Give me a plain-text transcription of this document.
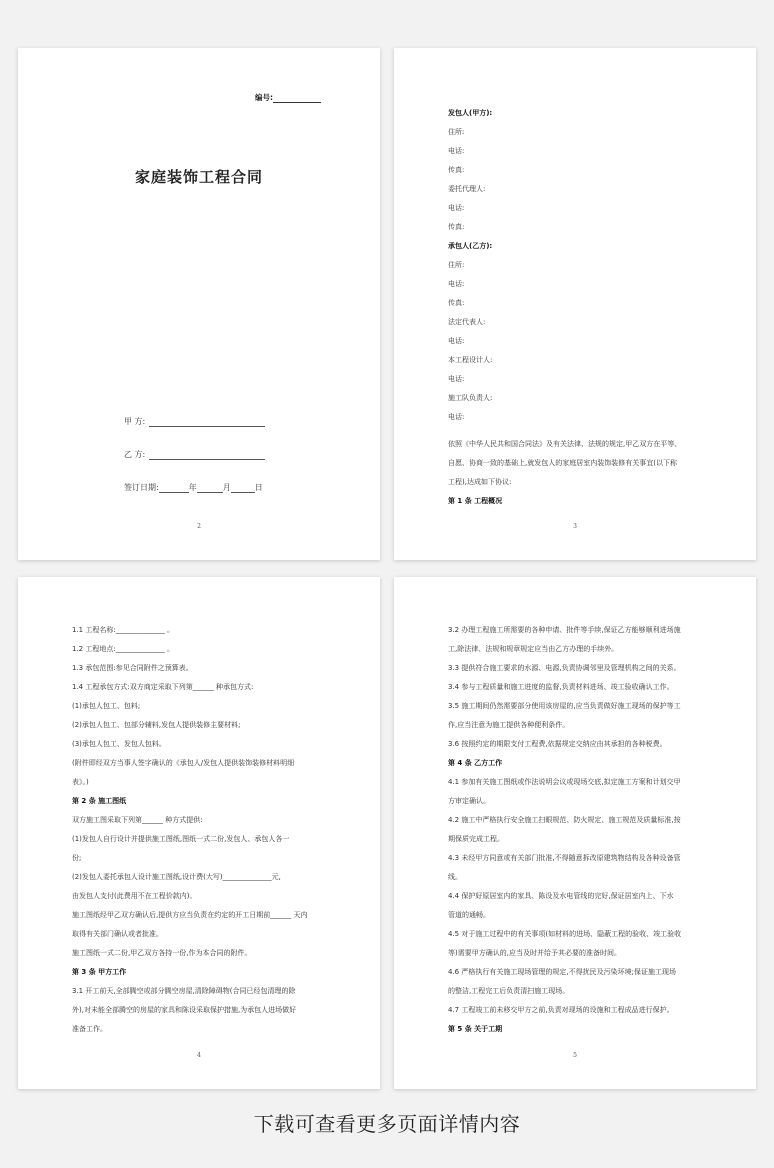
编号:
家庭装饰工程合同
甲 方:
乙 方:
签订日期:	年	月	日
2

发包人(甲方):

住所:

电话:

传真:

委托代理人:

电话:

传真:

承包人(乙方):

住所:

电话:

传真:

法定代表人:

电话:

本工程设计人:

电话:

施工队负责人:

电话:

依照《中华人民共和国合同法》及有关法律、法规的规定,甲乙双方在平等、

自愿、协商一致的基础上,就发包人的家庭居室内装饰装修有关事宜(以下称

工程),达成如下协议:

第 1 条 工程概况

3

1.1 工程名称:______________ 。

1.2 工程地点:______________ 。

1.3 承包范围:参见合同附件之预算表。

1.4 工程承包方式:双方商定采取下列第______ 种承包方式:

(1)承包人包工、包料;

(2)承包人包工、包部分辅料,发包人提供装修主要材料;

(3)承包人包工、发包人包料。

(附件即经双方当事人签字确认的《承包人/发包人提供装饰装修材料明细

表》。)

第 2 条 施工图纸

双方施工图采取下列第______ 种方式提供:

(1)发包人自行设计并提供施工图纸,图纸一式二份,发包人、承包人各一

份;

(2)发包人委托承包人设计施工图纸,设计费(大写)______________元,

由发包人支付(此费用不在工程价款内)。

施工图纸经甲乙双方确认后,提供方应当负责在约定的开工日期前______ 天内

取得有关部门确认或者批准。

施工图纸一式二份,甲乙双方各持一份,作为本合同的附件。

第 3 条 甲方工作

3.1 开工前天,全部腾空或部分腾空房屋,清除障碍物(合同已经包清理的除

外),对未能全部腾空的房屋的家具和陈设采取保护措施,为承包人进场做好

准备工作。

4

3.2 办理工程施工所需要的各种申请、批件等手续,保证乙方能够顺利进场施

工,除法律、法规和规章规定应当由乙方办理的手续外。

3.3 提供符合施工要求的水源、电源,负责协调邻里及管理机构之间的关系。

3.4 参与工程质量和施工进度的监督,负责材料进场、竣工验收确认工作。

3.5 施工期间仍然需要部分使用该房屋的,应当负责做好施工现场的保护等工

作,应当注意为施工提供各种便利条件。

3.6 按照约定的期限支付工程费,依据规定交纳应由其承担的各种税费。

第 4 条 乙方工作

4.1 参加有关施工图纸或作法说明会议或现场交底,拟定施工方案和计划交甲

方审定确认。

4.2 施工中严格执行安全施工扫眼规范、防火规定、施工规范及质量标准,按

期保质完成工程。

4.3 未经甲方同意或有关部门批准,不得随意拆改原建筑物结构及各种设备管

线。

4.4 保护好原居室内的家具、陈设及水电管线的完好,保证居室内上、下水

管道的通畅。

4.5 对于施工过程中的有关事项(如材料的进场、隐蔽工程的验收、竣工验收

等)需要甲方确认的,应当及时并给予其必要的准备时间。

4.6 严格执行有关施工现场管理的规定,不得扰民及污染环境;保证施工现场

的整洁,工程完工后负责清扫施工现场。

4.7 工程竣工前未移交甲方之前,负责对现场的设施和工程成品进行保护。

第 5 条 关于工期

5
下载可查看更多页面详情内容
